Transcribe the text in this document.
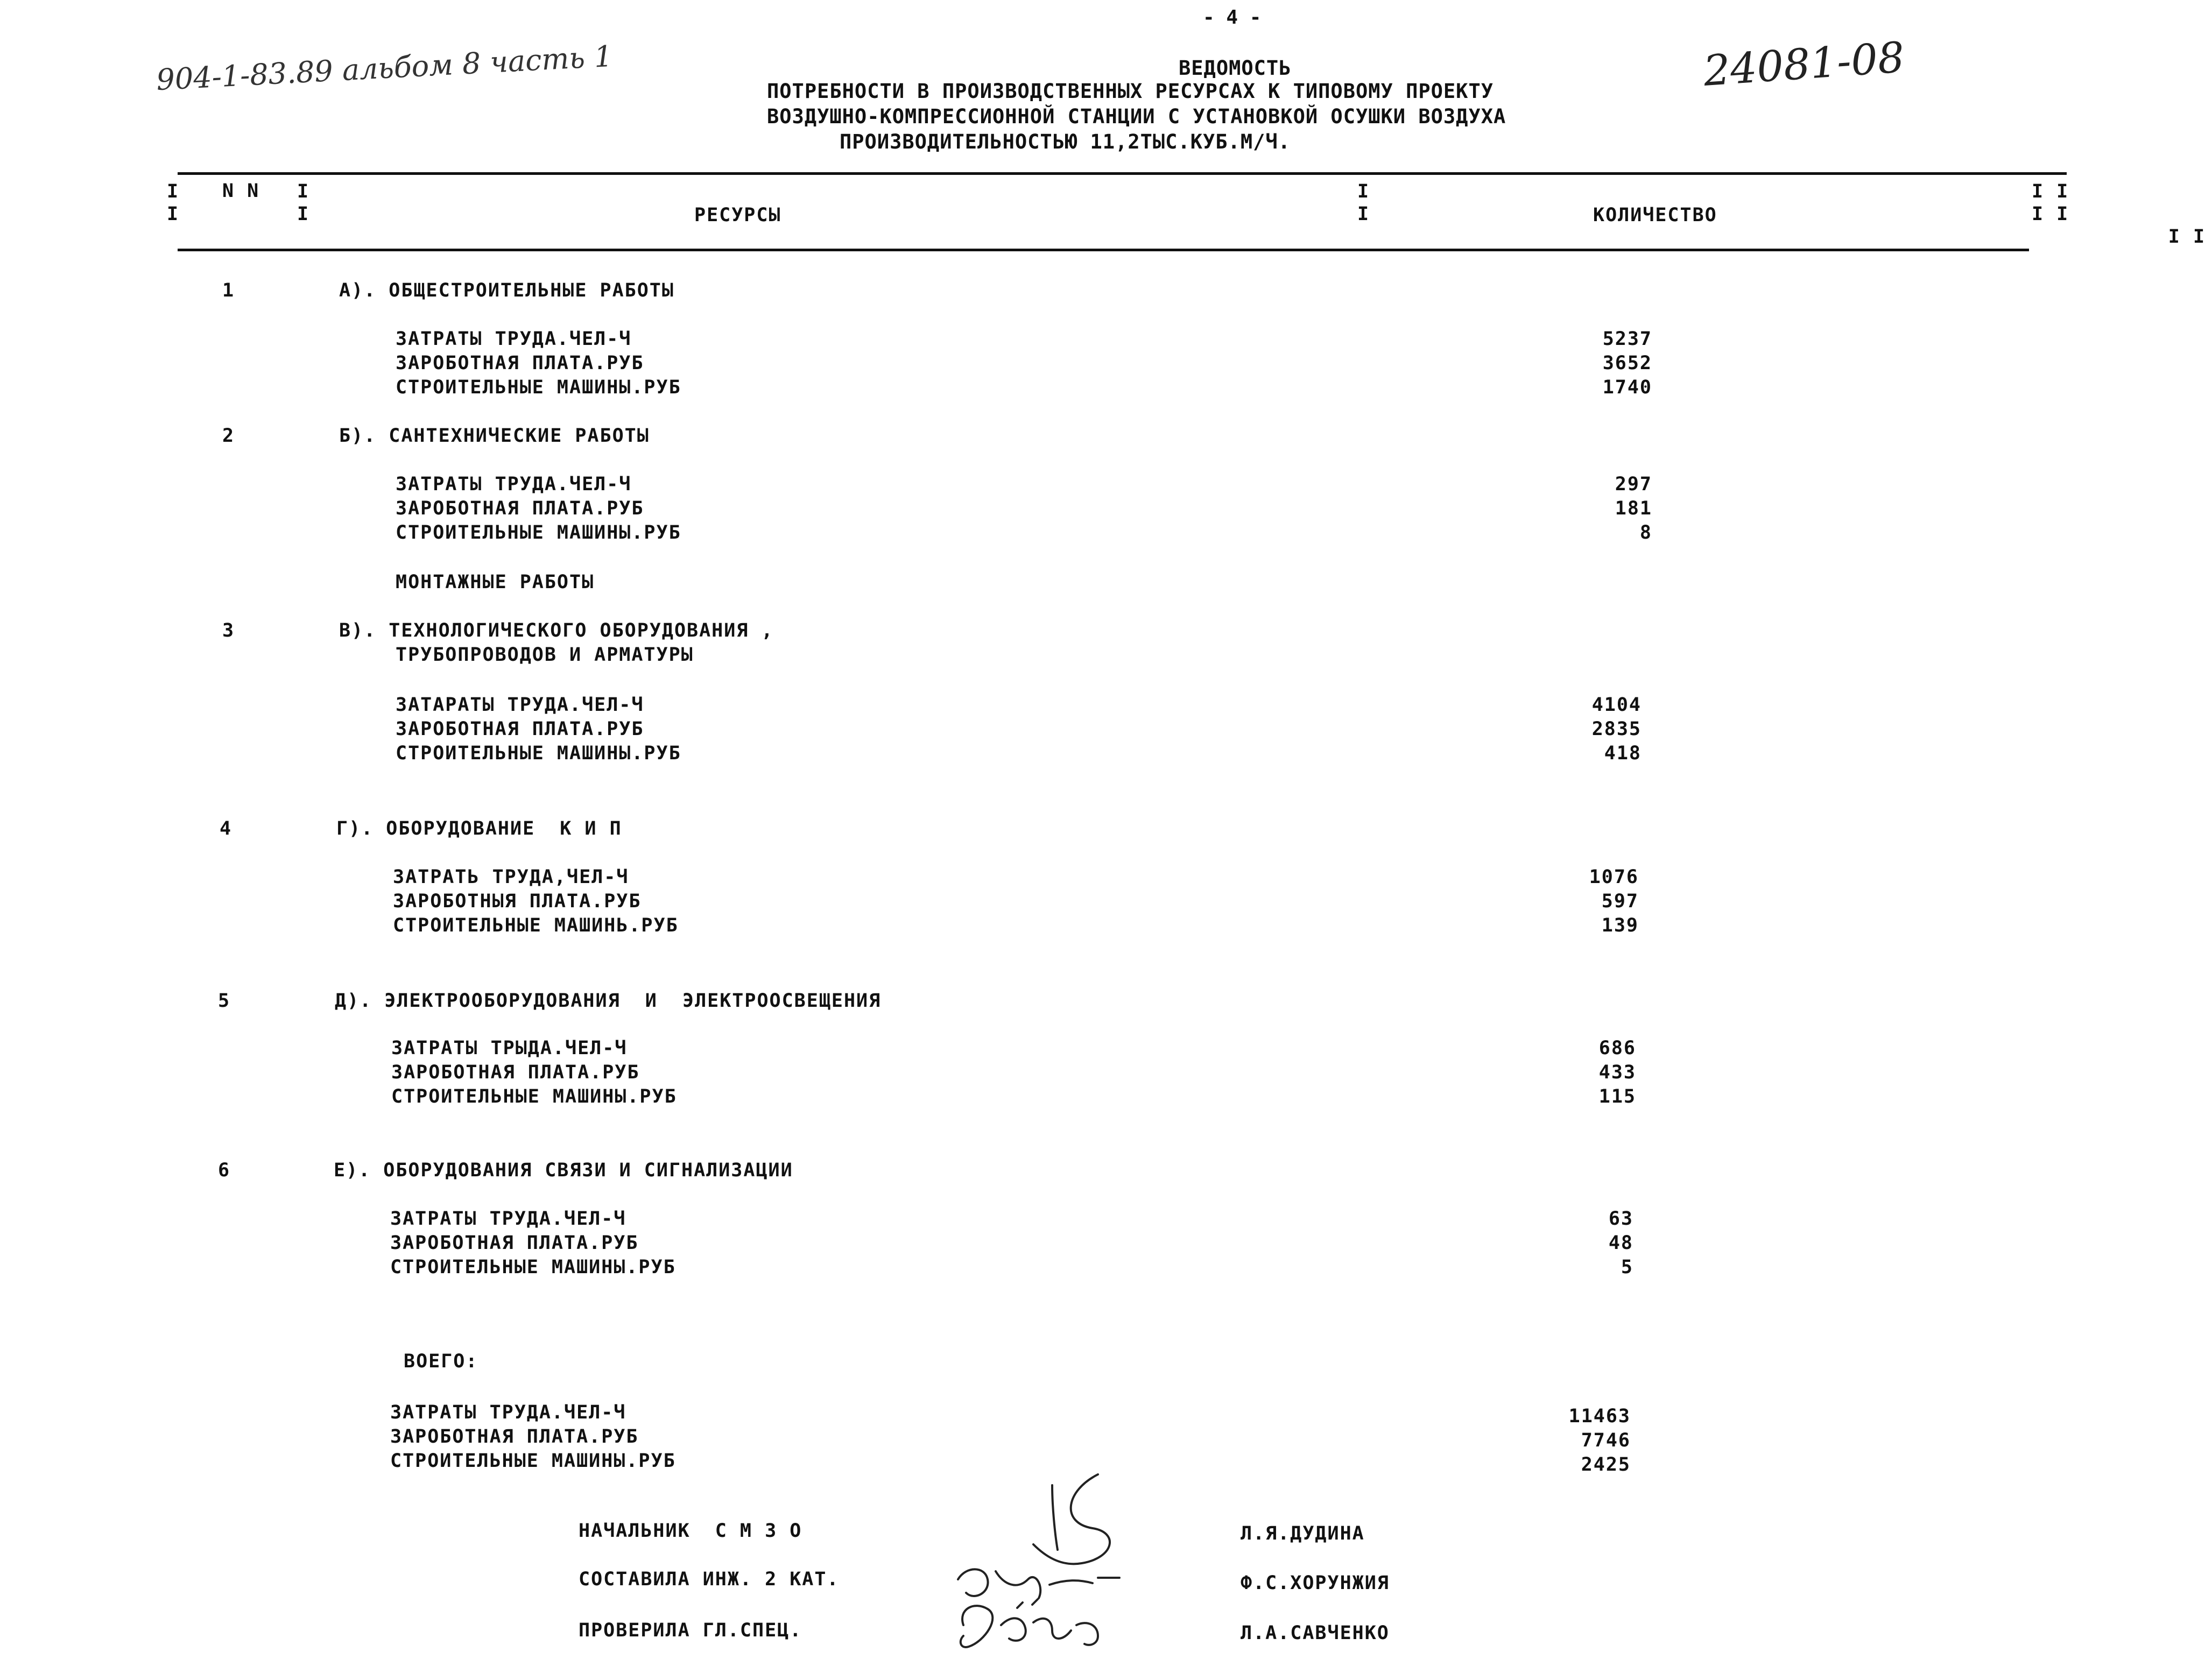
- 4 -
904-1-83.89 альбом 8 часть 1	24081-08
ВЕДОМОСТЬ
ПОТРЕБНОСТИ В ПРОИЗВОДСТВЕННЫХ РЕСУРСАХ К ТИПОВОМУ ПРОЕКТУ
ВОЗДУШНО-КОМПРЕССИОННОЙ СТАНЦИИ С УСТАНОВКОЙ ОСУШКИ ВОЗДУХА
ПРОИЗВОДИТЕЛЬНОСТЬЮ 11,2ТЫС.КУБ.М/Ч.
I
I
N N I
I	РЕСУРСЫ
I
I	КОЛИЧЕСТВО
I I
I I
I I
1	А). ОБЩЕСТРОИТЕЛЬНЫЕ РАБОТЫ
ЗАТРАТЫ ТРУДА.ЧЕЛ-Ч	5237
ЗАРОБОТНАЯ ПЛАТА.РУБ	3652
СТРОИТЕЛЬНЫЕ МАШИНЫ.РУБ	1740
2	Б). САНТЕХНИЧЕСКИЕ РАБОТЫ
ЗАТРАТЫ ТРУДА.ЧЕЛ-Ч	297
ЗАРОБОТНАЯ ПЛАТА.РУБ	181
СТРОИТЕЛЬНЫЕ МАШИНЫ.РУБ	8
МОНТАЖНЫЕ РАБОТЫ
3	В). ТЕХНОЛОГИЧЕСКОГО ОБОРУДОВАНИЯ ,
ТРУБОПРОВОДОВ И АРМАТУРЫ
ЗАТАРАТЫ ТРУДА.ЧЕЛ-Ч	4104
ЗАРОБОТНАЯ ПЛАТА.РУБ	2835
СТРОИТЕЛЬНЫЕ МАШИНЫ.РУБ	418
4	Г). ОБОРУДОВАНИЕ  К И П
ЗАТРАТЬ ТРУДА,ЧЕЛ-Ч	1076
ЗАРОБОТНЫЯ ПЛАТА.РУБ	597
СТРОИТЕЛЬНЫЕ МАШИНЬ.РУБ	139
5	Д). ЭЛЕКТРООБОРУДОВАНИЯ  И  ЭЛЕКТРООСВЕЩЕНИЯ
ЗАТРАТЫ ТРЫДА.ЧЕЛ-Ч	686
ЗАРОБОТНАЯ ПЛАТА.РУБ	433
СТРОИТЕЛЬНЫЕ МАШИНЫ.РУБ	115
6	Е). ОБОРУДОВАНИЯ СВЯЗИ И СИГНАЛИЗАЦИИ
ЗАТРАТЫ ТРУДА.ЧЕЛ-Ч	63
ЗАРОБОТНАЯ ПЛАТА.РУБ	48
СТРОИТЕЛЬНЫЕ МАШИНЫ.РУБ	5
ВОЕГО:
ЗАТРАТЫ ТРУДА.ЧЕЛ-Ч	11463
ЗАРОБОТНАЯ ПЛАТА.РУБ	7746
СТРОИТЕЛЬНЫЕ МАШИНЫ.РУБ	2425
НАЧАЛЬНИК  С М З О	Л.Я.ДУДИНА
СОСТАВИЛА ИНЖ. 2 КАТ.	Ф.С.ХОРУНЖИЯ
ПРОВЕРИЛА ГЛ.СПЕЦ.	Л.А.САВЧЕНКО
